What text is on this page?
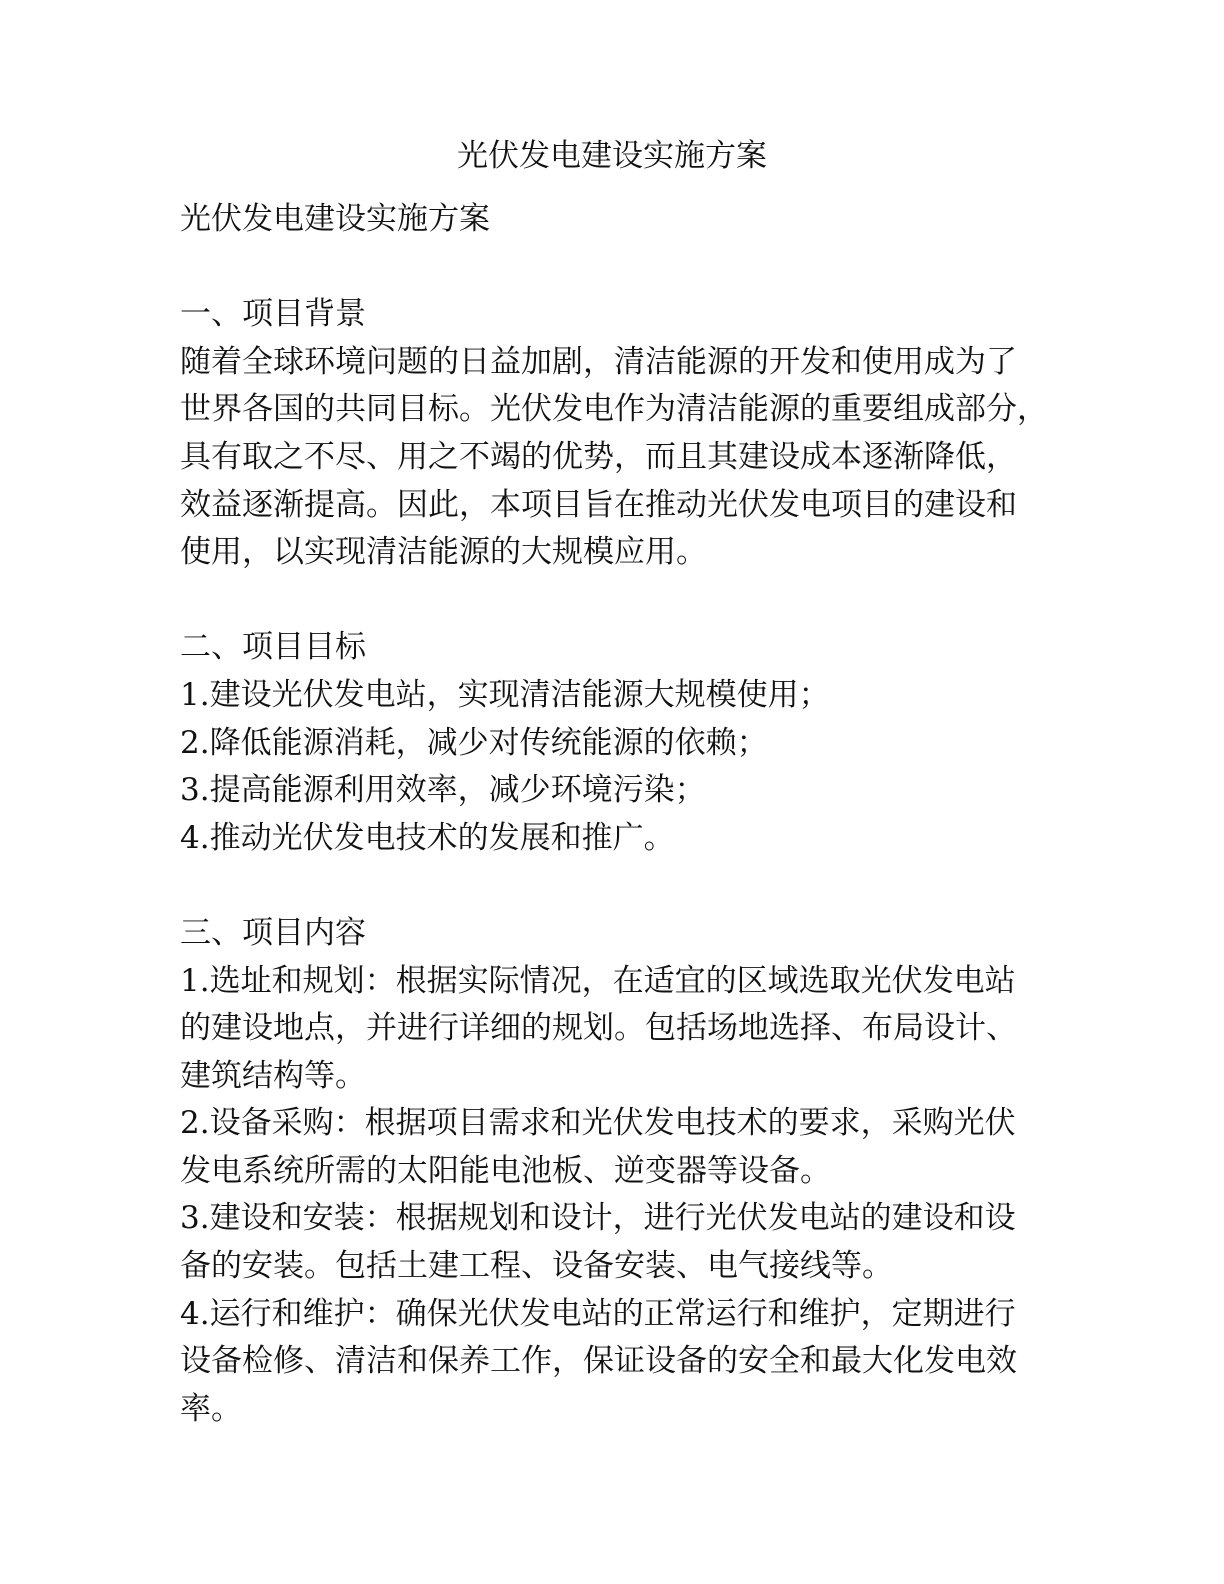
光伏发电建设实施方案
光伏发电建设实施方案
一、项目背景
随着全球环境问题的日益加剧，清洁能源的开发和使用成为了
世界各国的共同目标。光伏发电作为清洁能源的重要组成部分，
具有取之不尽、用之不竭的优势，而且其建设成本逐渐降低，
效益逐渐提高。因此，本项目旨在推动光伏发电项目的建设和
使用，以实现清洁能源的大规模应用。
二、项目目标
1.建设光伏发电站，实现清洁能源大规模使用；
2.降低能源消耗，减少对传统能源的依赖；
3.提高能源利用效率，减少环境污染；
4.推动光伏发电技术的发展和推广。
三、项目内容
1.选址和规划：根据实际情况，在适宜的区域选取光伏发电站
的建设地点，并进行详细的规划。包括场地选择、布局设计、
建筑结构等。
2.设备采购：根据项目需求和光伏发电技术的要求，采购光伏
发电系统所需的太阳能电池板、逆变器等设备。
3.建设和安装：根据规划和设计，进行光伏发电站的建设和设
备的安装。包括土建工程、设备安装、电气接线等。
4.运行和维护：确保光伏发电站的正常运行和维护，定期进行
设备检修、清洁和保养工作，保证设备的安全和最大化发电效
率。
